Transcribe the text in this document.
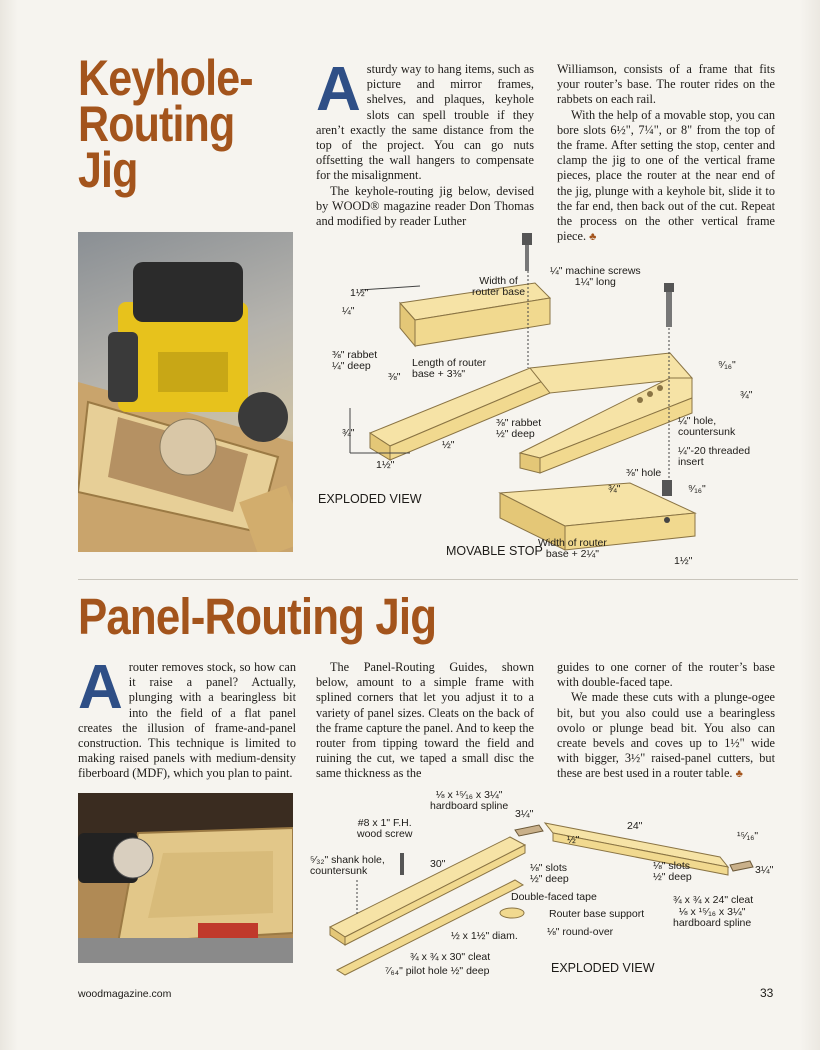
Keyhole-
Routing
Jig

Asturdy way to hang items, such as picture and mirror frames, shelves, and plaques, keyhole slots can spell trouble if they aren’t exactly the same distance from the top of the project. You can go nuts offsetting the wall hangers to compensate for the misalignment.

The keyhole-routing jig below, devised by WOOD® magazine reader Don Thomas and modified by reader Luther

Williamson, consists of a frame that fits your router’s base. The router rides on the rabbets on each rail.

With the help of a movable stop, you can bore slots 6½", 7¼", or 8" from the top of the frame. After setting the stop, center and clamp the jig to one of the vertical frame pieces, place the router at the near end of the jig, plunge with a keyhole bit, slide it to the far end, then back out of the cut. Repeat the process on the other vertical frame piece. ♣

1½"
¼"
Width of
router base
¼" machine screws
1¼" long
⅜" rabbet
¼" deep	Length of router
base + 3⅜"
⅜"
⁹⁄₁₆"
¾"
¾"
⅜" rabbet
½" deep
½"
¼" hole,
countersunk
¼"-20 threaded
insert
1½"
⅜" hole
¾"	⁹⁄₁₆"
EXPLODED VIEW
Width of router
base + 2¼"
MOVABLE STOP
1½"
Panel-Routing Jig

Arouter removes stock, so how can it raise a panel? Actually, plunging with a bearingless bit into the field of a flat panel creates the illusion of frame-and-panel construction. This technique is limited to making raised panels with medium-density fiberboard (MDF), which you plan to paint.

The Panel-Routing Guides, shown below, amount to a simple frame with splined corners that let you adjust it to a variety of panel sizes. Cleats on the back of the frame capture the panel. And to keep the router from tipping toward the field and ruining the cut, we taped a small disc the same thickness as the

guides to one corner of the router’s base with double-faced tape.

We made these cuts with a plunge-ogee bit, but you also could use a bearingless ovolo or plunge bead bit. You also can create bevels and coves up to 1½" wide with bigger, 3½" raised-panel cutters, but these are best used in a router table. ♣

⅛ x ¹⁵⁄₁₆ x 3¼"
hardboard spline
#8 x 1" F.H.
wood screw
3¼"
24"
¹⁵⁄₁₆"
½"
⁵⁄₃₂" shank hole,
countersunk
30"	⅛" slots
½" deep
⅛" slots
½" deep
3¼"
Double-faced tape	¾ x ¾ x 24" cleat
Router base support	⅛ x ¹⁵⁄₁₆ x 3¼"
hardboard spline
½ x 1½" diam.	⅛" round-over
¾ x ¾ x 30" cleat
⁷⁄₆₄" pilot hole ½" deep	EXPLODED VIEW
woodmagazine.com	33
